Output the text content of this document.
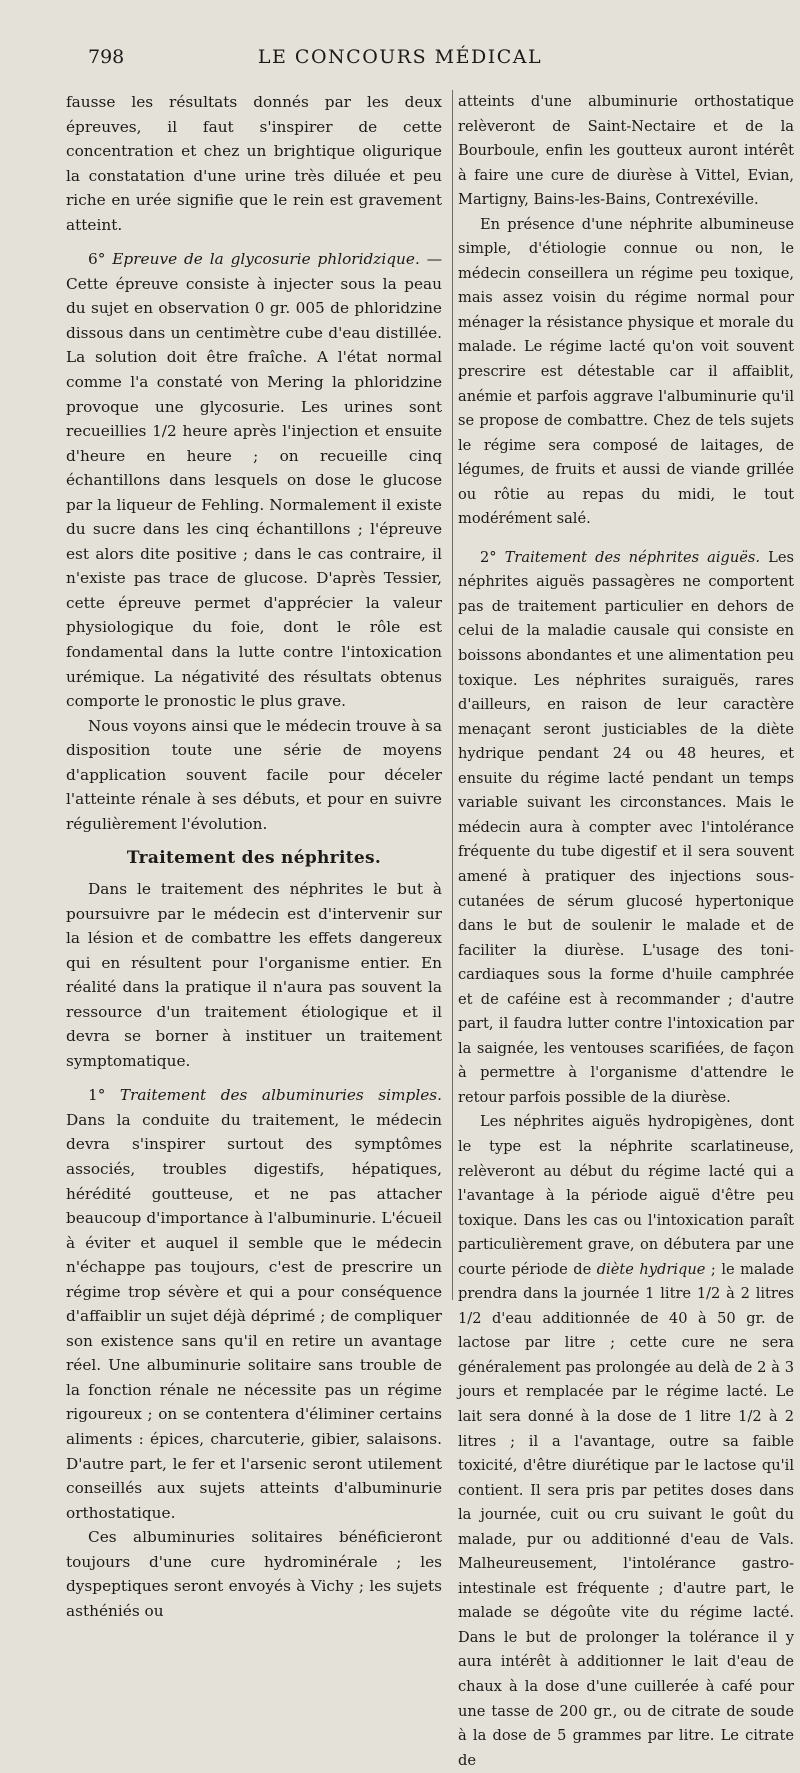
798	LE CONCOURS MÉDICAL

fausse les résultats donnés par les deux épreuves, il faut s'inspirer de cette concentration et chez un brightique oligurique la constatation d'une urine très diluée et peu riche en urée signifie que le rein est gravement atteint.

6° Epreuve de la glycosurie phloridzique. — Cette épreuve consiste à injecter sous la peau du sujet en observation 0 gr. 005 de phloridzine dissous dans un centimètre cube d'eau distillée. La solution doit être fraîche. A l'état normal comme l'a constaté von Mering la phloridzine provoque une glycosurie. Les urines sont recueillies 1/2 heure après l'injection et ensuite d'heure en heure ; on recueille cinq échantillons dans lesquels on dose le glucose par la liqueur de Fehling. Normalement il existe du sucre dans les cinq échantillons ; l'épreuve est alors dite positive ; dans le cas contraire, il n'existe pas trace de glucose. D'après Tessier, cette épreuve permet d'apprécier la valeur physiologique du foie, dont le rôle est fondamental dans la lutte contre l'intoxication urémique. La négativité des résultats obtenus comporte le pronostic le plus grave.

Nous voyons ainsi que le médecin trouve à sa disposition toute une série de moyens d'application souvent facile pour déceler l'atteinte rénale à ses débuts, et pour en suivre régulièrement l'évolution.

Traitement des néphrites.

Dans le traitement des néphrites le but à poursuivre par le médecin est d'intervenir sur la lésion et de combattre les effets dangereux qui en résultent pour l'organisme entier. En réalité dans la pratique il n'aura pas souvent la ressource d'un traitement étiologique et il devra se borner à instituer un traitement symptomatique.

1° Traitement des albuminuries simples. Dans la conduite du traitement, le médecin devra s'inspirer surtout des symptômes associés, troubles digestifs, hépatiques, hérédité goutteuse, et ne pas attacher beaucoup d'importance à l'albuminurie. L'écueil à éviter et auquel il semble que le médecin n'échappe pas toujours, c'est de prescrire un régime trop sévère et qui a pour conséquence d'affaiblir un sujet déjà déprimé ; de compliquer son existence sans qu'il en retire un avantage réel. Une albuminurie solitaire sans trouble de la fonction rénale ne nécessite pas un régime rigoureux ; on se contentera d'éliminer certains aliments : épices, charcuterie, gibier, salaisons. D'autre part, le fer et l'arsenic seront utilement conseillés aux sujets atteints d'albuminurie orthostatique.

Ces albuminuries solitaires bénéficieront toujours d'une cure hydrominérale ; les dyspeptiques seront envoyés à Vichy ; les sujets asthéniés ou

atteints d'une albuminurie orthostatique relèveront de Saint-Nectaire et de la Bourboule, enfin les goutteux auront intérêt à faire une cure de diurèse à Vittel, Evian, Martigny, Bains-les-Bains, Contrexéville.

En présence d'une néphrite albumineuse simple, d'étiologie connue ou non, le médecin conseillera un régime peu toxique, mais assez voisin du régime normal pour ménager la résistance physique et morale du malade. Le régime lacté qu'on voit souvent prescrire est détestable car il affaiblit, anémie et parfois aggrave l'albuminurie qu'il se propose de combattre. Chez de tels sujets le régime sera composé de laitages, de légumes, de fruits et aussi de viande grillée ou rôtie au repas du midi, le tout modérément salé.

2° Traitement des néphrites aiguës. Les néphrites aiguës passagères ne comportent pas de traitement particulier en dehors de celui de la maladie causale qui consiste en boissons abondantes et une alimentation peu toxique. Les néphrites suraiguës, rares d'ailleurs, en raison de leur caractère menaçant seront justiciables de la diète hydrique pendant 24 ou 48 heures, et ensuite du régime lacté pendant un temps variable suivant les circonstances. Mais le médecin aura à compter avec l'intolérance fréquente du tube digestif et il sera souvent amené à pratiquer des injections sous-cutanées de sérum glucosé hypertonique dans le but de soulenir le malade et de faciliter la diurèse. L'usage des toni-cardiaques sous la forme d'huile camphrée et de caféine est à recommander ; d'autre part, il faudra lutter contre l'intoxication par la saignée, les ventouses scarifiées, de façon à permettre à l'organisme d'attendre le retour parfois possible de la diurèse.

Les néphrites aiguës hydropigènes, dont le type est la néphrite scarlatineuse, relèveront au début du régime lacté qui a l'avantage à la période aiguë d'être peu toxique. Dans les cas ou l'intoxication paraît particulièrement grave, on débutera par une courte période de diète hydrique ; le malade prendra dans la journée 1 litre 1/2 à 2 litres 1/2 d'eau additionnée de 40 à 50 gr. de lactose par litre ; cette cure ne sera généralement pas prolongée au delà de 2 à 3 jours et remplacée par le régime lacté. Le lait sera donné à la dose de 1 litre 1/2 à 2 litres ; il a l'avantage, outre sa faible toxicité, d'être diurétique par le lactose qu'il contient. Il sera pris par petites doses dans la journée, cuit ou cru suivant le goût du malade, pur ou additionné d'eau de Vals. Malheureusement, l'intolérance gastro-intestinale est fréquente ; d'autre part, le malade se dégoûte vite du régime lacté. Dans le but de prolonger la tolérance il y aura intérêt à additionner le lait d'eau de chaux à la dose d'une cuillerée à café pour une tasse de 200 gr., ou de citrate de soude à la dose de 5 grammes par litre. Le citrate de
